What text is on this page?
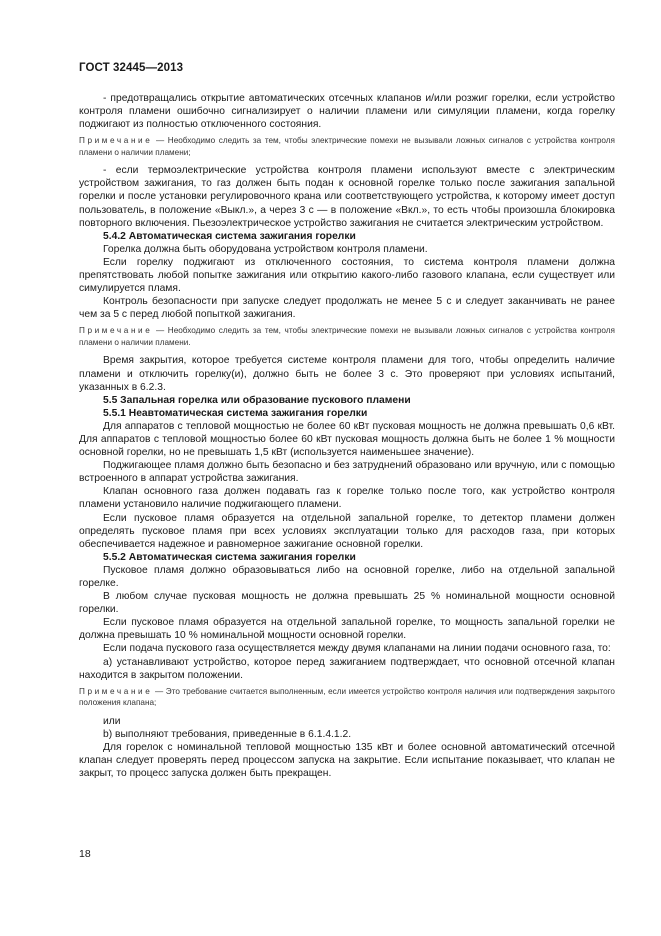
ГОСТ 32445—2013

- предотвращались открытие автоматических отсечных клапанов и/или розжиг горелки, если устройство контроля пламени ошибочно сигнализирует о наличии пламени или симуляции пламени, когда горелку поджигают из полностью отключенного состояния.

Примечание — Необходимо следить за тем, чтобы электрические помехи не вызывали ложных сигналов с устройства контроля пламени о наличии пламени;

- если термоэлектрические устройства контроля пламени используют вместе с электрическим устройством зажигания, то газ должен быть подан к основной горелке только после зажигания запальной горелки и после установки регулировочного крана или соответствующего устройства, к которому имеет доступ пользователь, в положение «Выкл.», а через 3 с — в положение «Вкл.», то есть чтобы произошла блокировка повторного включения. Пьезоэлектрическое устройство зажигания не считается электрическим устройством.

5.4.2 Автоматическая система зажигания горелки

Горелка должна быть оборудована устройством контроля пламени.

Если горелку поджигают из отключенного состояния, то система контроля пламени должна препятствовать любой попытке зажигания или открытию какого-либо газового клапана, если существует или симулируется пламя.

Контроль безопасности при запуске следует продолжать не менее 5 с и следует заканчивать не ранее чем за 5 с перед любой попыткой зажигания.

Примечание — Необходимо следить за тем, чтобы электрические помехи не вызывали ложных сигналов с устройства контроля пламени о наличии пламени.

Время закрытия, которое требуется системе контроля пламени для того, чтобы определить наличие пламени и отключить горелку(и), должно быть не более 3 с. Это проверяют при условиях испытаний, указанных в 6.2.3.

5.5 Запальная горелка или образование пускового пламени

5.5.1 Неавтоматическая система зажигания горелки

Для аппаратов с тепловой мощностью не более 60 кВт пусковая мощность не должна превышать 0,6 кВт. Для аппаратов с тепловой мощностью более 60 кВт пусковая мощность должна быть не более 1 % мощности основной горелки, но не превышать 1,5 кВт (используется наименьшее значение).

Поджигающее пламя должно быть безопасно и без затруднений образовано или вручную, или с помощью встроенного в аппарат устройства зажигания.

Клапан основного газа должен подавать газ к горелке только после того, как устройство контроля пламени установило наличие поджигающего пламени.

Если пусковое пламя образуется на отдельной запальной горелке, то детектор пламени должен определять пусковое пламя при всех условиях эксплуатации только для расходов газа, при которых обеспечивается надежное и равномерное зажигание основной горелки.

5.5.2 Автоматическая система зажигания горелки

Пусковое пламя должно образовываться либо на основной горелке, либо на отдельной запальной горелке.

В любом случае пусковая мощность не должна превышать 25 % номинальной мощности основной горелки.

Если пусковое пламя образуется на отдельной запальной горелке, то мощность запальной горелки не должна превышать 10 % номинальной мощности основной горелки.

Если подача пускового газа осуществляется между двумя клапанами на линии подачи основного газа, то:

a) устанавливают устройство, которое перед зажиганием подтверждает, что основной отсечной клапан находится в закрытом положении.

Примечание — Это требование считается выполненным, если имеется устройство контроля наличия или подтверждения закрытого положения клапана;

или

b) выполняют требования, приведенные в 6.1.4.1.2.

Для горелок с номинальной тепловой мощностью 135 кВт и более основной автоматический отсечной клапан следует проверять перед процессом запуска на закрытие. Если испытание показывает, что клапан не закрыт, то процесс запуска должен быть прекращен.

18
